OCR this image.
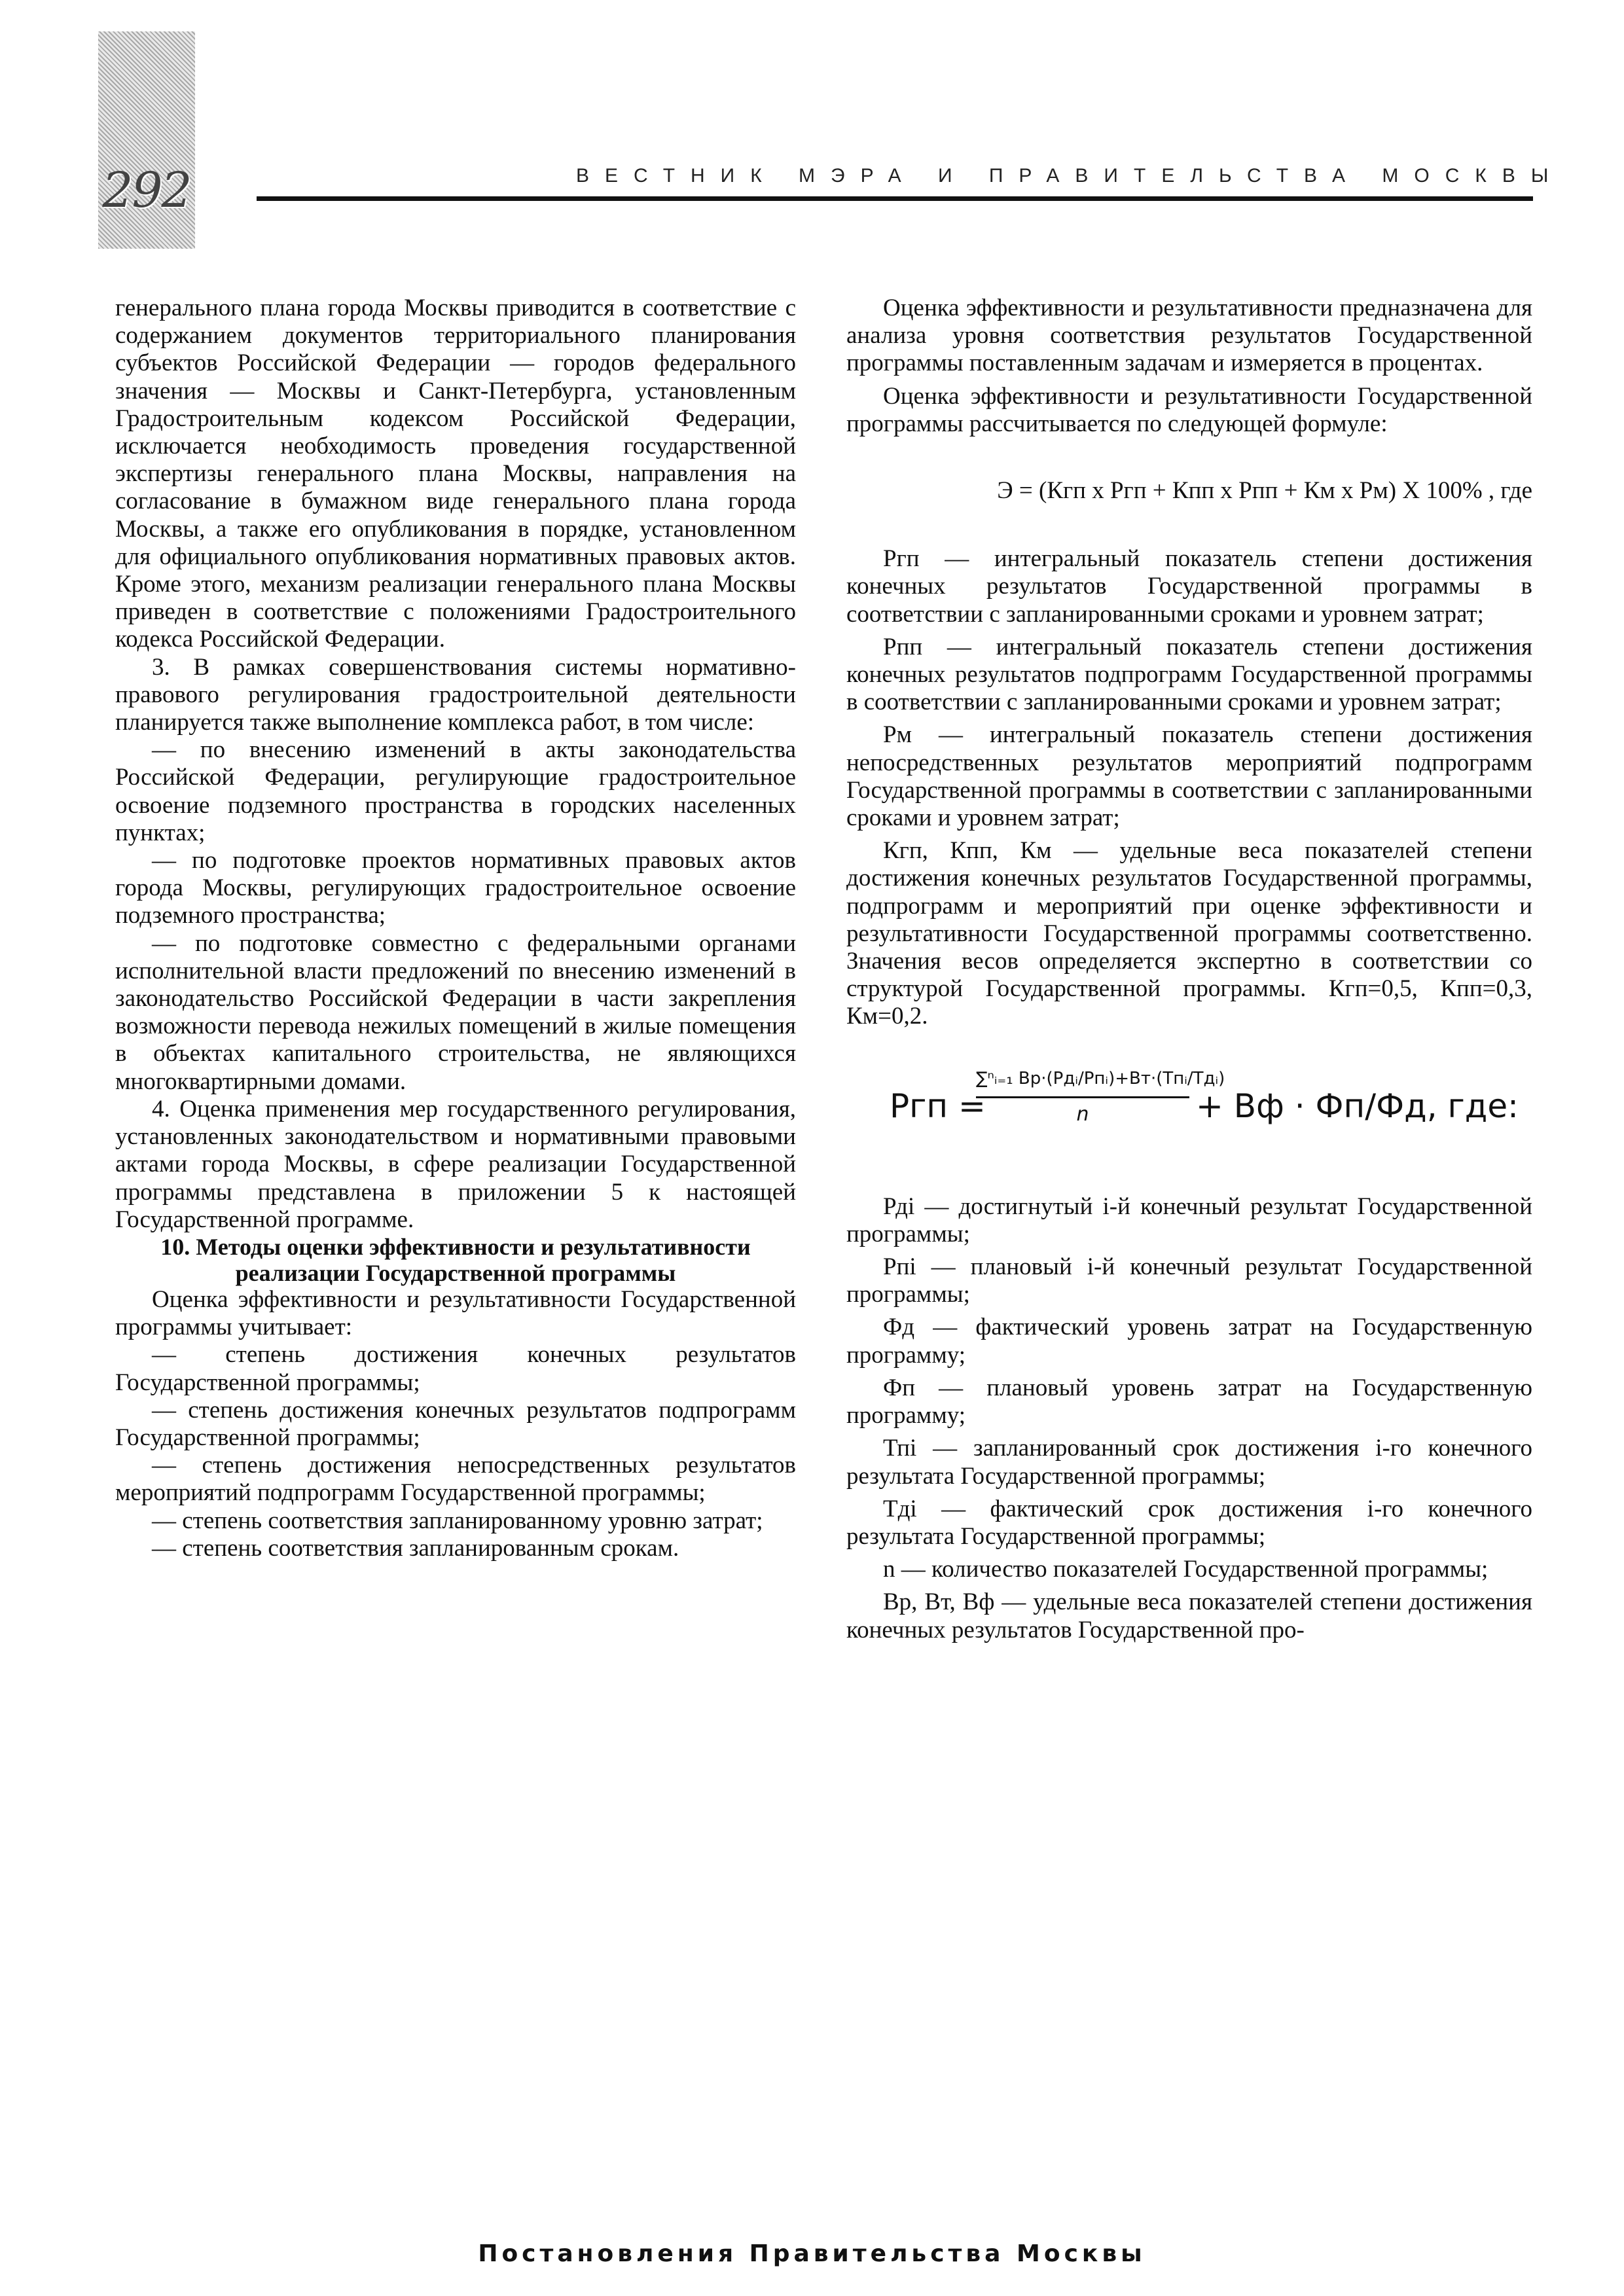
292	ВЕСТНИК МЭРА И ПРАВИТЕЛЬСТВА МОСКВЫ

генерального плана города Москвы приводится в соответствие с содержанием документов территориального планирования субъектов Российской Федерации — городов федерального значения — Москвы и Санкт-Петербурга, установленным Градостроительным кодексом Российской Федерации, исключается необходимость проведения государственной экспертизы генерального плана Москвы, направления на согласование в бумажном виде генерального плана города Москвы, а также его опубликования в порядке, установленном для официального опубликования нормативных правовых актов. Кроме этого, механизм реализации генерального плана Москвы приведен в соответствие с положениями Градостроительного кодекса Российской Федерации.

3. В рамках совершенствования системы нормативно-правового регулирования градостроительной деятельности планируется также выполнение комплекса работ, в том числе:

— по внесению изменений в акты законодательства Российской Федерации, регулирующие градостроительное освоение подземного пространства в городских населенных пунктах;

— по подготовке проектов нормативных правовых актов города Москвы, регулирующих градостроительное освоение подземного пространства;

— по подготовке совместно с федеральными органами исполнительной власти предложений по внесению изменений в законодательство Российской Федерации в части закрепления возможности перевода нежилых помещений в жилые помещения в объектах капитального строительства, не являющихся многоквартирными домами.

4. Оценка применения мер государственного регулирования, установленных законодательством и нормативными правовыми актами города Москвы, в сфере реализации Государственной программы представлена в приложении 5 к настоящей Государственной программе.

10. Методы оценки эффективности и результативности
реализации Государственной программы

Оценка эффективности и результативности Государственной программы учитывает:

— степень достижения конечных результатов Государственной программы;

— степень достижения конечных результатов подпрограмм Государственной программы;

— степень достижения непосредственных результатов мероприятий подпрограмм Государственной программы;

— степень соответствия запланированному уровню затрат;

— степень соответствия запланированным срокам.

Оценка эффективности и результативности предназначена для анализа уровня соответствия результатов Государственной программы поставленным задачам и измеряется в процентах.

Оценка эффективности и результативности Государственной программы рассчитывается по следующей формуле:

Э = (Кгп x Ргп + Кпп x Рпп + Км x Рм) X 100% , где

Ргп — интегральный показатель степени достижения конечных результатов Государственной программы в соответствии с запланированными сроками и уровнем затрат;

Рпп — интегральный показатель степени достижения конечных результатов подпрограмм Государственной программы в соответствии с запланированными сроками и уровнем затрат;

Рм — интегральный показатель степени достижения непосредственных результатов мероприятий подпрограмм Государственной программы в соответствии с запланированными сроками и уровнем затрат;

Кгп, Кпп, Км — удельные веса показателей степени достижения конечных результатов Государственной программы, подпрограмм и мероприятий при оценке эффективности и результативности Государственной программы соответственно. Значения весов определяется экспертно в соответствии со структурой Государственной программы. Кгп=0,5, Кпп=0,3, Км=0,2.

Ргп =
∑ⁿᵢ₌₁ Вр·(Рдᵢ/Рпᵢ)+Вт·(Тпᵢ/Тдᵢ)
n	+ Вф · Фп/Фд, где:

Рдi — достигнутый i-й конечный результат Государственной программы;

Рпi — плановый i-й конечный результат Государственной программы;

Фд — фактический уровень затрат на Государственную программу;

Фп — плановый уровень затрат на Государственную программу;

Тпi — запланированный срок достижения i-го конечного результата Государственной программы;

Тдi — фактический срок достижения i-го конечного результата Государственной программы;

n — количество показателей Государственной программы;

Вр, Вт, Вф — удельные веса показателей степени достижения конечных результатов Государственной про-

Постановления Правительства Москвы
